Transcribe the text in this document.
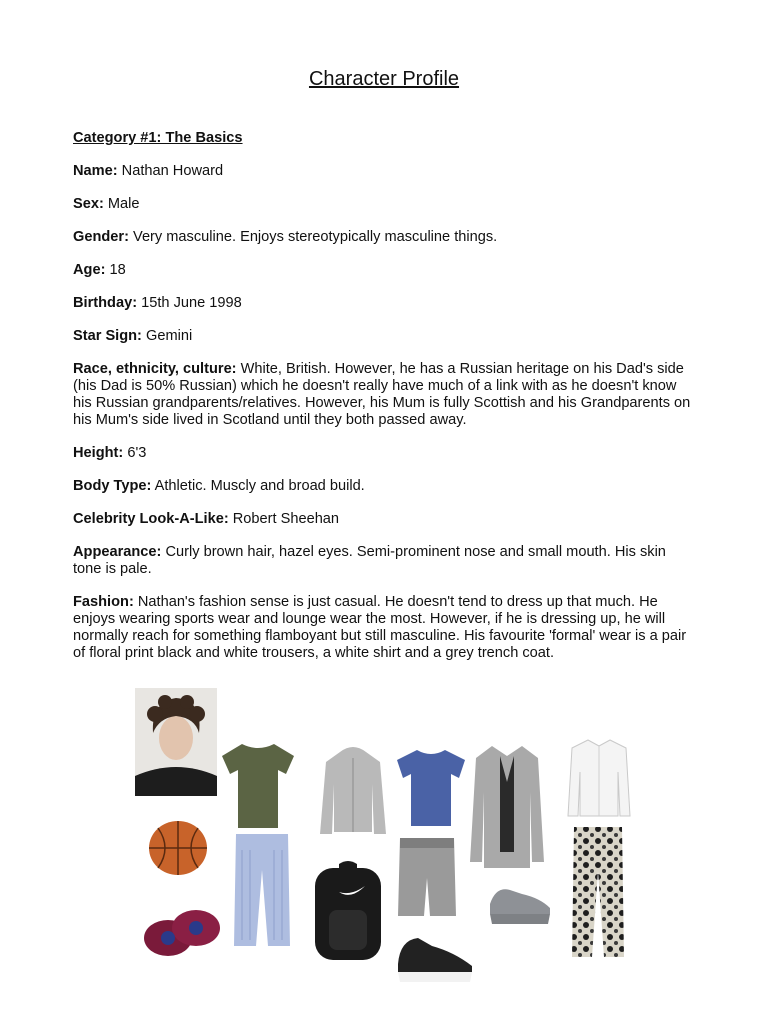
Character Profile
Category #1: The Basics
Name: Nathan Howard
Sex: Male
Gender: Very masculine. Enjoys stereotypically masculine things.
Age: 18
Birthday: 15th June 1998
Star Sign: Gemini
Race, ethnicity, culture: White, British. However, he has a Russian heritage on his Dad's side (his Dad is 50% Russian) which he doesn't really have much of a link with as he doesn't know his Russian grandparents/relatives. However, his Mum is fully Scottish and his Grandparents on his Mum's side lived in Scotland until they both passed away.
Height: 6'3
Body Type: Athletic. Muscly and broad build.
Celebrity Look-A-Like: Robert Sheehan
Appearance: Curly brown hair, hazel eyes. Semi-prominent nose and small mouth. His skin tone is pale.
Fashion: Nathan's fashion sense is just casual. He doesn't tend to dress up that much. He enjoys wearing sports wear and lounge wear the most. However, if he is dressing up, he will normally reach for something flamboyant but still masculine. His favourite 'formal' wear is a pair of floral print black and white trousers, a white shirt and a grey trench coat.
